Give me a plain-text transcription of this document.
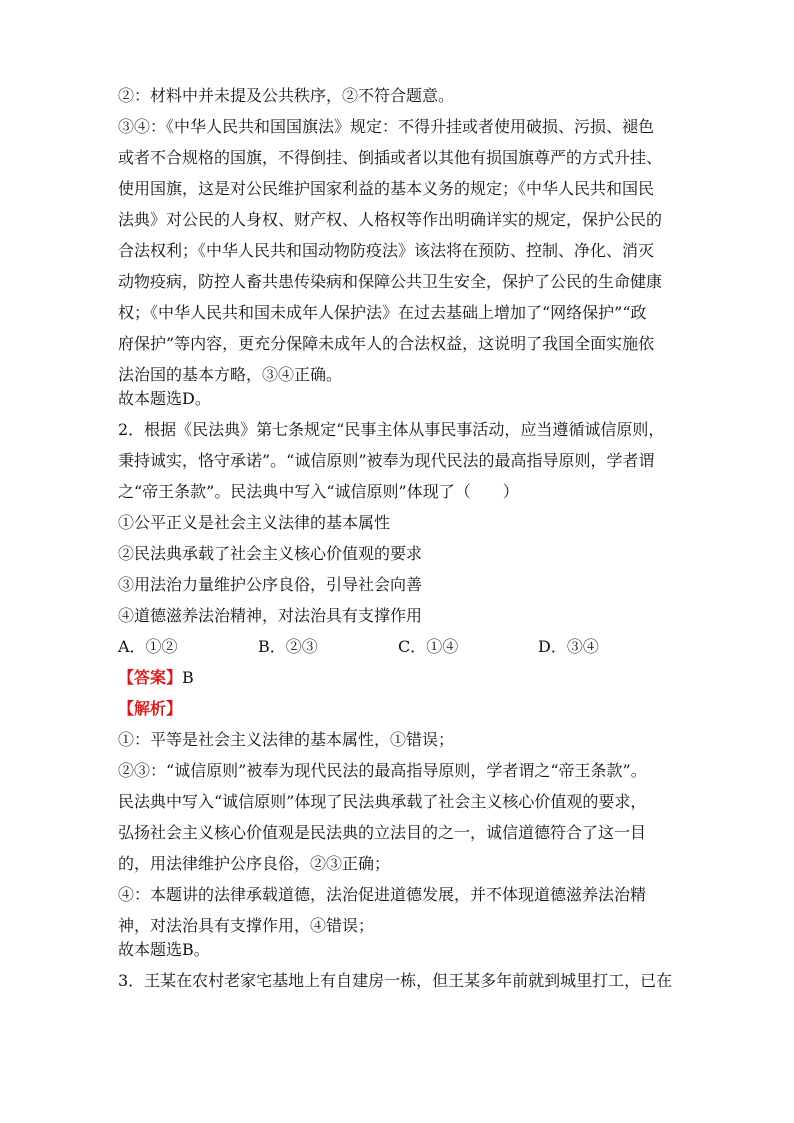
②：材料中并未提及公共秩序，②不符合题意。
③④：《中华人民共和国国旗法》规定：不得升挂或者使用破损、污损、褪色
或者不合规格的国旗，不得倒挂、倒插或者以其他有损国旗尊严的方式升挂、
使用国旗，这是对公民维护国家利益的基本义务的规定；《中华人民共和国民
法典》对公民的人身权、财产权、人格权等作出明确详实的规定，保护公民的
合法权利；《中华人民共和国动物防疫法》该法将在预防、控制、净化、消灭
动物疫病，防控人畜共患传染病和保障公共卫生安全，保护了公民的生命健康
权；《中华人民共和国未成年人保护法》在过去基础上增加了“网络保护”“政
府保护”等内容，更充分保障未成年人的合法权益，这说明了我国全面实施依
法治国的基本方略，③④正确。
故本题选D。
2．根据《民法典》第七条规定“民事主体从事民事活动，应当遵循诚信原则，
秉持诚实，恪守承诺”。“诚信原则”被奉为现代民法的最高指导原则，学者谓
之“帝王条款”。民法典中写入“诚信原则”体现了（　　）
①公平正义是社会主义法律的基本属性
②民法典承载了社会主义核心价值观的要求
③用法治力量维护公序良俗，引导社会向善
④道德滋养法治精神，对法治具有支撑作用
A．①②	B．②③	C．①④	D．③④
【答案】B
【解析】
①：平等是社会主义法律的基本属性，①错误；
②③：“诚信原则”被奉为现代民法的最高指导原则，学者谓之“帝王条款”。
民法典中写入“诚信原则”体现了民法典承载了社会主义核心价值观的要求，
弘扬社会主义核心价值观是民法典的立法目的之一，诚信道德符合了这一目
的，用法律维护公序良俗，②③正确；
④：本题讲的法律承载道德，法治促进道德发展，并不体现道德滋养法治精
神，对法治具有支撑作用，④错误；
故本题选B。
3．王某在农村老家宅基地上有自建房一栋，但王某多年前就到城里打工，已在
